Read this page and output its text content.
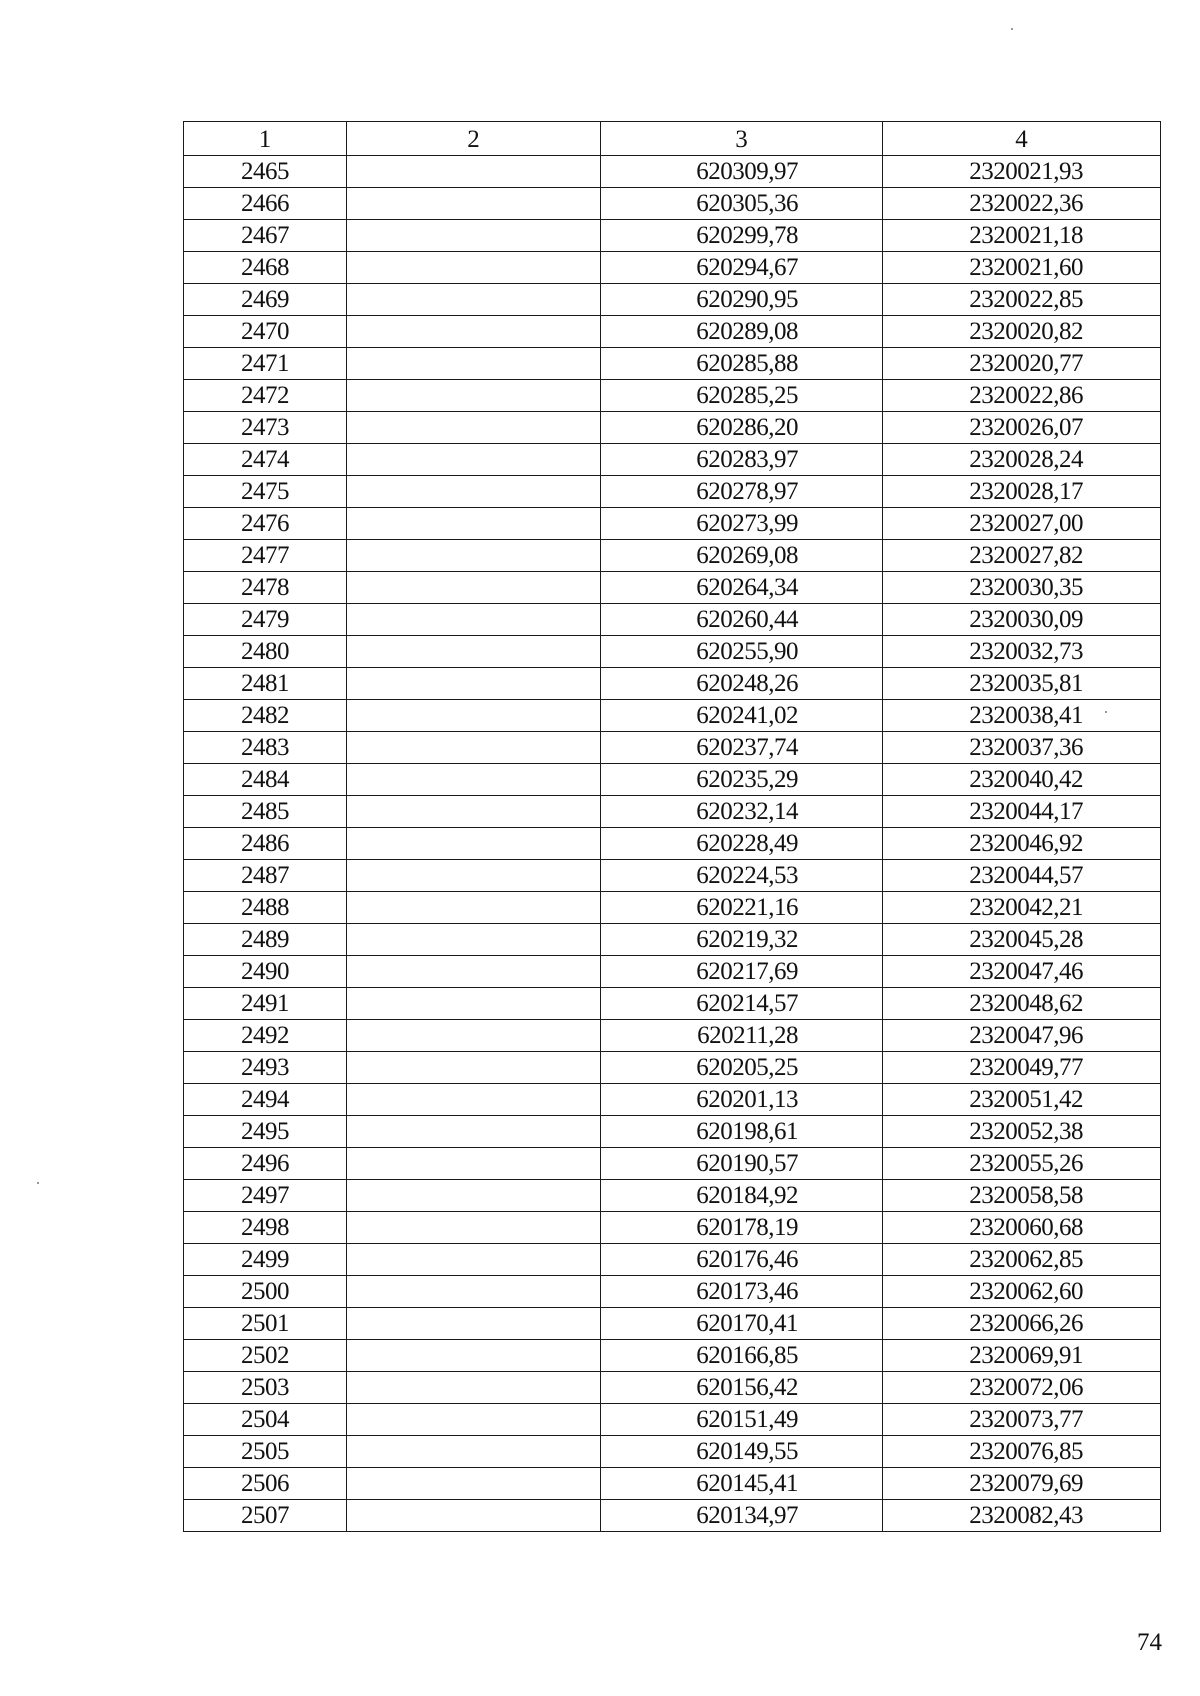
1	2	3	4
2465		620309,97	2320021,93
2466		620305,36	2320022,36
2467		620299,78	2320021,18
2468		620294,67	2320021,60
2469		620290,95	2320022,85
2470		620289,08	2320020,82
2471		620285,88	2320020,77
2472		620285,25	2320022,86
2473		620286,20	2320026,07
2474		620283,97	2320028,24
2475		620278,97	2320028,17
2476		620273,99	2320027,00
2477		620269,08	2320027,82
2478		620264,34	2320030,35
2479		620260,44	2320030,09
2480		620255,90	2320032,73
2481		620248,26	2320035,81
2482		620241,02	2320038,41
2483		620237,74	2320037,36
2484		620235,29	2320040,42
2485		620232,14	2320044,17
2486		620228,49	2320046,92
2487		620224,53	2320044,57
2488		620221,16	2320042,21
2489		620219,32	2320045,28
2490		620217,69	2320047,46
2491		620214,57	2320048,62
2492		620211,28	2320047,96
2493		620205,25	2320049,77
2494		620201,13	2320051,42
2495		620198,61	2320052,38
2496		620190,57	2320055,26
2497		620184,92	2320058,58
2498		620178,19	2320060,68
2499		620176,46	2320062,85
2500		620173,46	2320062,60
2501		620170,41	2320066,26
2502		620166,85	2320069,91
2503		620156,42	2320072,06
2504		620151,49	2320073,77
2505		620149,55	2320076,85
2506		620145,41	2320079,69
2507		620134,97	2320082,43
74
